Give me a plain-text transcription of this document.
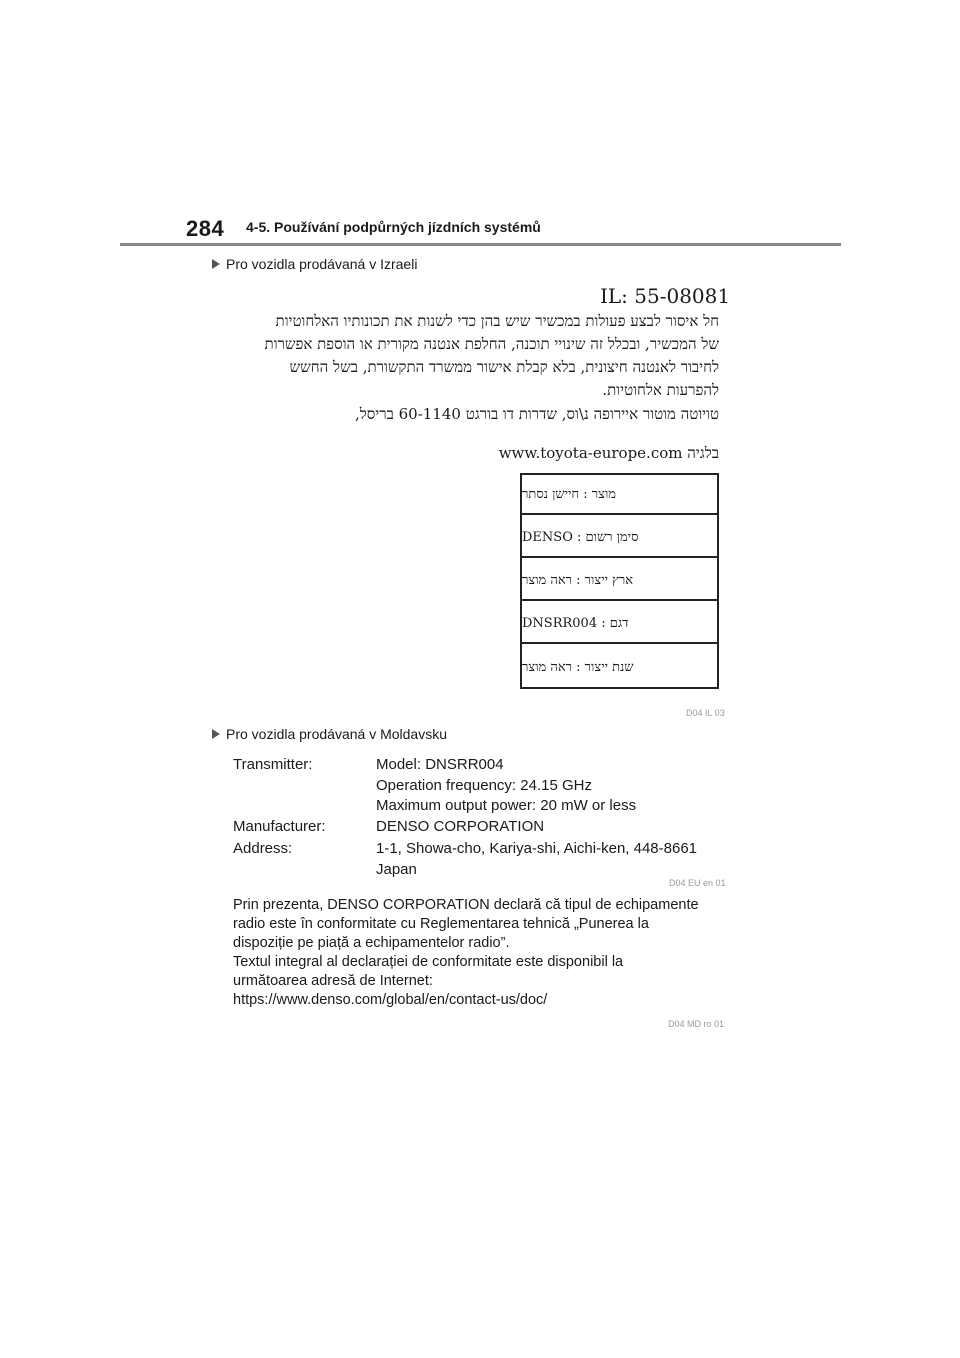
284 4-5. Používání podpůrných jízdních systémů
Pro vozidla prodávaná v Izraeli
IL: 55-08081
חל איסור לבצע פעולות במכשיר שיש בהן כדי לשנות את תכונותיו האלחוטיות
של המכשיר, ובכלל זה שינויי תוכנה, החלפת אנטנה מקורית או הוספת אפשרות
לחיבור לאנטנה חיצונית, בלא קבלת אישור ממשרד התקשורת, בשל החשש
להפרעות אלחוטיות.
טויוטה מוטור איירופה נ\וס, שדרות דו בורגט 60-1140 בריסל,
בלגיה www.toyota-europe.com
מוצר : חיישן נסתר
סימן רשום : DENSO
ארץ ייצור : ראה מוצר
דגם : DNSRR004
שנת ייצור : ראה מוצר
D04 IL 03
Pro vozidla prodávaná v Moldavsku
Transmitter:	Model: DNSRR004
Operation frequency: 24.15 GHz
Maximum output power: 20 mW or less
Manufacturer:	DENSO CORPORATION
Address:	1-1, Showa-cho, Kariya-shi, Aichi-ken, 448-8661
Japan
D04 EU en 01
Prin prezenta, DENSO CORPORATION declară că tipul de echipamente
radio este în conformitate cu Reglementarea tehnică „Punerea la
dispoziție pe piață a echipamentelor radio”.
Textul integral al declarației de conformitate este disponibil la
următoarea adresă de Internet:
https://www.denso.com/global/en/contact-us/doc/
D04 MD ro 01
